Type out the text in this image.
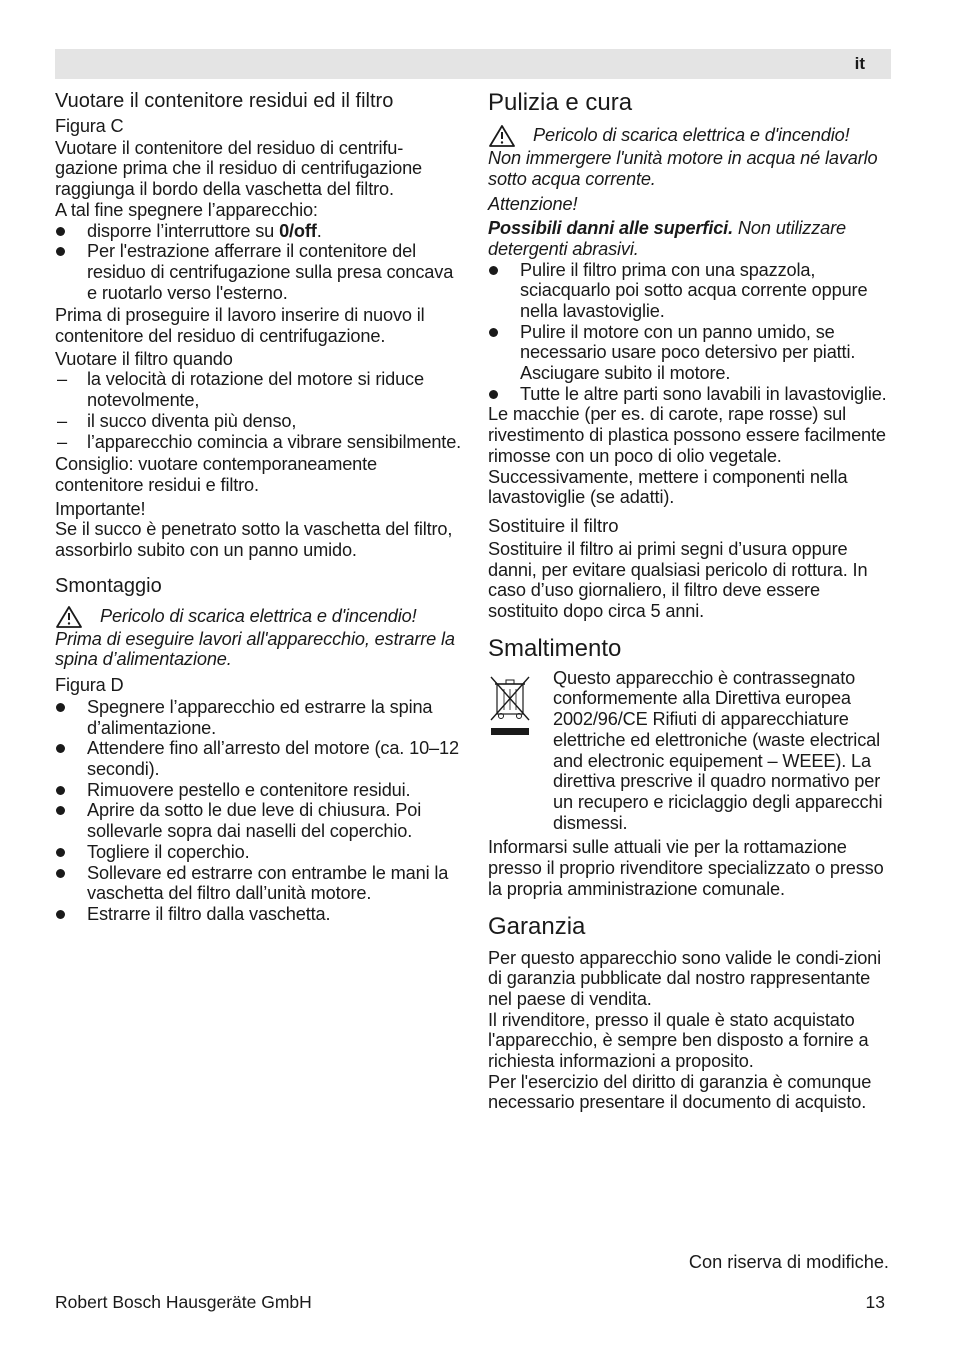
it
Vuotare il contenitore residui ed il filtro
Figura C

Vuotare il contenitore del residuo di centrifu-gazione prima che il residuo di centrifugazione raggiunga il bordo della vaschetta del filtro.

A tal fine spegnere l’apparecchio:

disporre l’interruttore su 0/off.
Per l'estrazione afferrare il contenitore del residuo di centrifugazione sulla presa concava e ruotarlo verso l'esterno.

Prima di proseguire il lavoro inserire di nuovo il contenitore del residuo di centrifugazione.

Vuotare il filtro quando

– la velocità di rotazione del motore si riduce notevolmente,
– il succo diventa più denso,
– l’apparecchio comincia a vibrare sensibilmente.

Consiglio: vuotare contemporaneamente contenitore residui e filtro.

Importante!

Se il succo è penetrato sotto la vaschetta del filtro, assorbirlo subito con un panno umido.

Smontaggio
Pericolo di scarica elettrica e d'incendio!

Prima di eseguire lavori all'apparecchio, estrarre la spina d’alimentazione.

Figura D
Spegnere l’apparecchio ed estrarre la spina d’alimentazione.
Attendere fino all’arresto del motore (ca. 10–12 secondi).
Rimuovere pestello e contenitore residui.
Aprire da sotto le due leve di chiusura. Poi sollevarle sopra dai naselli del coperchio.
Togliere il coperchio.
Sollevare ed estrarre con entrambe le mani la vaschetta del filtro dall’unità motore.
Estrarre il filtro dalla vaschetta.
Pulizia e cura
Pericolo di scarica elettrica e d'incendio!

Non immergere l'unità motore in acqua né lavarlo sotto acqua corrente.

Attenzione!

Possibili danni alle superfici. Non utilizzare detergenti abrasivi.

Pulire il filtro prima con una spazzola, sciacquarlo poi sotto acqua corrente oppure nella lavastoviglie.
Pulire il motore con un panno umido, se necessario usare poco detersivo per piatti. Asciugare subito il motore.
Tutte le altre parti sono lavabili in lavastoviglie.

Le macchie (per es. di carote, rape rosse) sul rivestimento di plastica possono essere facilmente rimosse con un poco di olio vegetale. Successivamente, mettere i componenti nella lavastoviglie (se adatti).

Sostituire il filtro

Sostituire il filtro ai primi segni d’usura oppure danni, per evitare qualsiasi pericolo di rottura. In caso d’uso giornaliero, il filtro deve essere sostituito dopo circa 5 anni.

Smaltimento
Questo apparecchio è contrassegnato conformemente alla Direttiva europea 2002/96/CE Rifiuti di apparecchiature elettriche ed elettroniche (waste electrical and electronic equipement – WEEE). La direttiva prescrive il quadro normativo per un recupero e riciclaggio degli apparecchi dismessi.

Informarsi sulle attuali vie per la rottamazione presso il proprio rivenditore specializzato o presso la propria amministrazione comunale.

Garanzia

Per questo apparecchio sono valide le condi-zioni di garanzia pubblicate dal nostro rappresentante nel paese di vendita.

Il rivenditore, presso il quale è stato acquistato l'apparecchio, è sempre ben disposto a fornire a richiesta informazioni a proposito.

Per l'esercizio del diritto di garanzia è comunque necessario presentare il documento di acquisto.

Con riserva di modifiche.
Robert Bosch Hausgeräte GmbH	13
